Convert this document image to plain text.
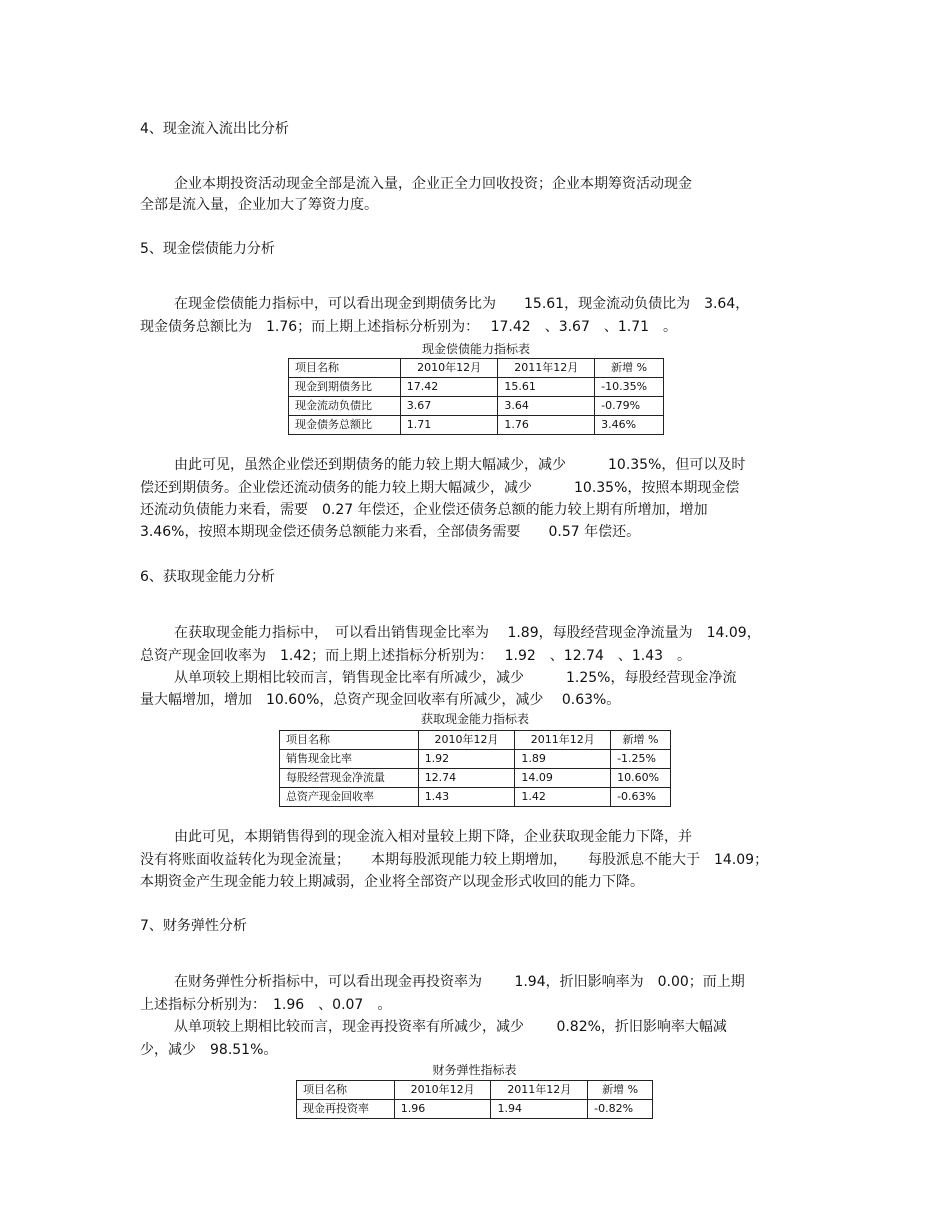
4、现金流入流出比分析
企业本期投资活动现金全部是流入量，企业正全力回收投资；企业本期筹资活动现金
全部是流入量，企业加大了筹资力度。
5、现金偿债能力分析
在现金偿债能力指标中，可以看出现金到期债务比为　　15.61，现金流动负债比为　3.64，
现金债务总额比为　1.76；而上期上述指标分析别为：　 17.42　、3.67　、1.71　。
现金偿债能力指标表
项目名称	2010年12月	2011年12月	新增 %
现金到期债务比	17.42	15.61	-10.35%
现金流动负债比	3.67	3.64	-0.79%
现金债务总额比	1.71	1.76	3.46%
由此可见，虽然企业偿还到期债务的能力较上期大幅减少，减少　　　10.35%，但可以及时
偿还到期债务。企业偿还流动债务的能力较上期大幅减少，减少　　　10.35%，按照本期现金偿
还流动负债能力来看，需要　0.27 年偿还，企业偿还债务总额的能力较上期有所增加，增加
3.46%，按照本期现金偿还债务总额能力来看，全部债务需要　　0.57 年偿还。
6、获取现金能力分析
在获取现金能力指标中，　可以看出销售现金比率为　 1.89，每股经营现金净流量为　14.09，
总资产现金回收率为　1.42；而上期上述指标分析别为：　 1.92　、12.74　、1.43　。
从单项较上期相比较而言，销售现金比率有所减少，减少　　　1.25%，每股经营现金净流
量大幅增加，增加　10.60%，总资产现金回收率有所减少，减少　 0.63%。
获取现金能力指标表
项目名称	2010年12月	2011年12月	新增 %
销售现金比率	1.92	1.89	-1.25%
每股经营现金净流量	12.74	14.09	10.60%
总资产现金回收率	1.43	1.42	-0.63%
由此可见，本期销售得到的现金流入相对量较上期下降，企业获取现金能力下降，并
没有将账面收益转化为现金流量；　　本期每股派现能力较上期增加，　　每股派息不能大于　14.09；
本期资金产生现金能力较上期减弱，企业将全部资产以现金形式收回的能力下降。
7、财务弹性分析
在财务弹性分析指标中，可以看出现金再投资率为　　 1.94，折旧影响率为　0.00；而上期
上述指标分析别为：　1.96　、0.07　。
从单项较上期相比较而言，现金再投资率有所减少，减少　　 0.82%，折旧影响率大幅减
少，减少　98.51%。
财务弹性指标表
项目名称	2010年12月	2011年12月	新增 %
现金再投资率	1.96	1.94	-0.82%
